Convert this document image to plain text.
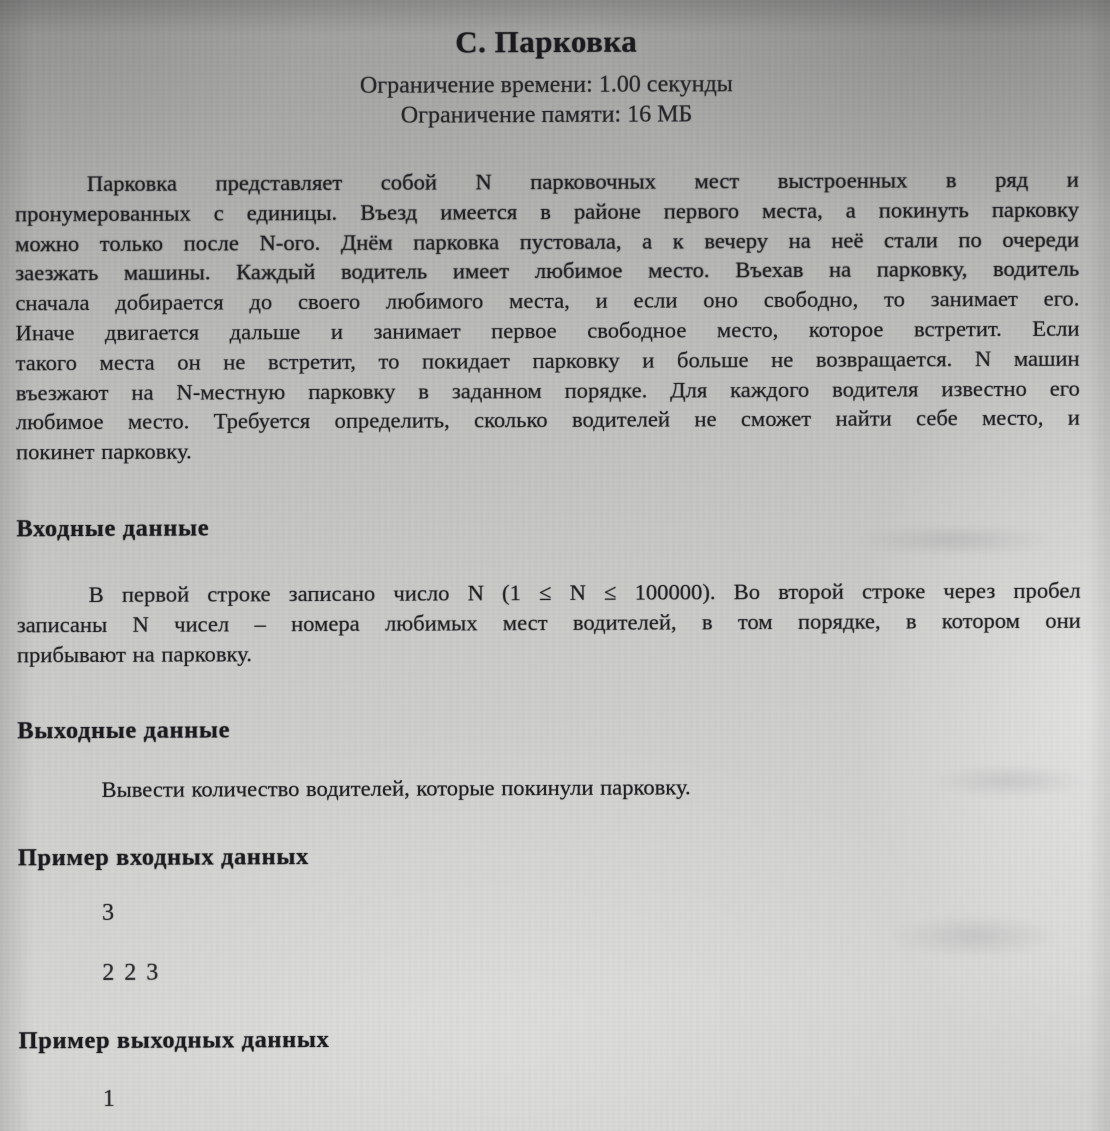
С. Парковка
Ограничение времени: 1.00 секунды
Ограничение памяти: 16 МБ
Парковка представляет собой N парковочных мест выстроенных в ряд и
пронумерованных с единицы. Въезд имеется в районе первого места, а покинуть парковку
можно только после N-ого. Днём парковка пустовала, а к вечеру на неё стали по очереди
заезжать машины. Каждый водитель имеет любимое место. Въехав на парковку, водитель
сначала добирается до своего любимого места, и если оно свободно, то занимает его.
Иначе двигается дальше и занимает первое свободное место, которое встретит. Если
такого места он не встретит, то покидает парковку и больше не возвращается. N машин
въезжают на N-местную парковку в заданном порядке. Для каждого водителя известно его
любимое место. Требуется определить, сколько водителей не сможет найти себе место, и
покинет парковку.
Входные данные
В первой строке записано число N (1 ≤ N ≤ 100000). Во второй строке через пробел
записаны N чисел – номера любимых мест водителей, в том порядке, в котором они
прибывают на парковку.
Выходные данные
Вывести количество водителей, которые покинули парковку.
Пример входных данных
3
2 2 3
Пример выходных данных
1
